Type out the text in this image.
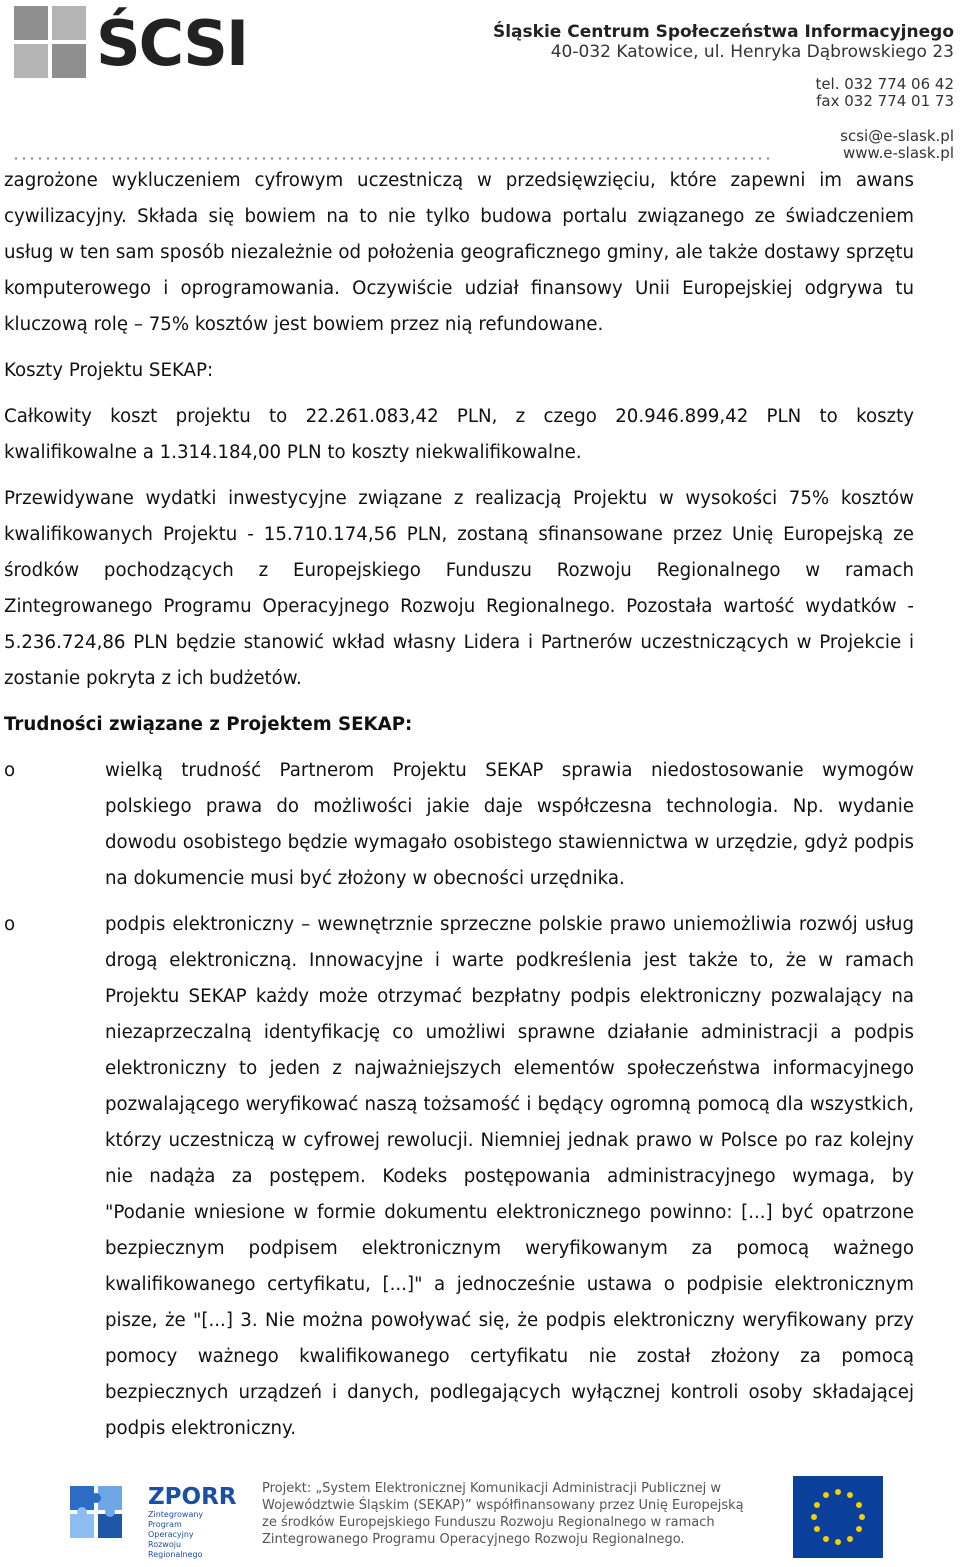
ŚCSI	Śląskie Centrum Społeczeństwa Informacyjnego
40-032 Katowice, ul. Henryka Dąbrowskiego 23
tel. 032 774 06 42
fax 032 774 01 73
scsi@e-slask.pl
www.e-slask.pl

zagrożone wykluczeniem cyfrowym uczestniczą w przedsięwzięciu, które zapewni im awans cywilizacyjny. Składa się bowiem na to nie tylko budowa portalu związanego ze świadczeniem usług w ten sam sposób niezależnie od położenia geograficznego gminy, ale także dostawy sprzętu komputerowego i oprogramowania. Oczywiście udział finansowy Unii Europejskiej odgrywa tu kluczową rolę – 75% kosztów jest bowiem przez nią refundowane.

Koszty Projektu SEKAP:

Całkowity koszt projektu to 22.261.083,42 PLN, z czego 20.946.899,42 PLN to koszty kwalifikowalne a 1.314.184,00 PLN to koszty niekwalifikowalne.

Przewidywane wydatki inwestycyjne związane z realizacją Projektu w wysokości 75% kosztów kwalifikowanych Projektu - 15.710.174,56 PLN, zostaną sfinansowane przez Unię Europejską ze środków pochodzących z Europejskiego Funduszu Rozwoju Regionalnego w ramach Zintegrowanego Programu Operacyjnego Rozwoju Regionalnego. Pozostała wartość wydatków - 5.236.724,86 PLN będzie stanowić wkład własny Lidera i Partnerów uczestniczących w Projekcie i zostanie pokryta z ich budżetów.

Trudności związane z Projektem SEKAP:
o	wielką trudność Partnerom Projektu SEKAP sprawia niedostosowanie wymogów polskiego prawa do możliwości jakie daje współczesna technologia. Np. wydanie dowodu osobistego będzie wymagało osobistego stawiennictwa w urzędzie, gdyż podpis na dokumencie musi być złożony w obecności urzędnika.
o	podpis elektroniczny – wewnętrznie sprzeczne polskie prawo uniemożliwia rozwój usług drogą elektroniczną. Innowacyjne i warte podkreślenia jest także to, że w ramach Projektu SEKAP każdy może otrzymać bezpłatny podpis elektroniczny pozwalający na niezaprzeczalną identyfikację co umożliwi sprawne działanie administracji a podpis elektroniczny to jeden z najważniejszych elementów społeczeństwa informacyjnego pozwalającego weryfikować naszą tożsamość i będący ogromną pomocą dla wszystkich, którzy uczestniczą w cyfrowej rewolucji. Niemniej jednak prawo w Polsce po raz kolejny nie nadąża za postępem. Kodeks postępowania administracyjnego wymaga, by "Podanie wniesione w formie dokumentu elektronicznego powinno: [...] być opatrzone bezpiecznym podpisem elektronicznym weryfikowanym za pomocą ważnego kwalifikowanego certyfikatu, [...]" a jednocześnie ustawa o podpisie elektronicznym pisze, że "[...] 3. Nie można powoływać się, że podpis elektroniczny weryfikowany przy pomocy ważnego kwalifikowanego certyfikatu nie został złożony za pomocą bezpiecznych urządzeń i danych, podlegających wyłącznej kontroli osoby składającej podpis elektroniczny.
ZPORR
Zintegrowany Program Operacyjny Rozwoju Regionalnego
Projekt: „System Elektronicznej Komunikacji Administracji Publicznej w Województwie Śląskim (SEKAP)” współfinansowany przez Unię Europejską ze środków Europejskiego Funduszu Rozwoju Regionalnego w ramach Zintegrowanego Programu Operacyjnego Rozwoju Regionalnego.
